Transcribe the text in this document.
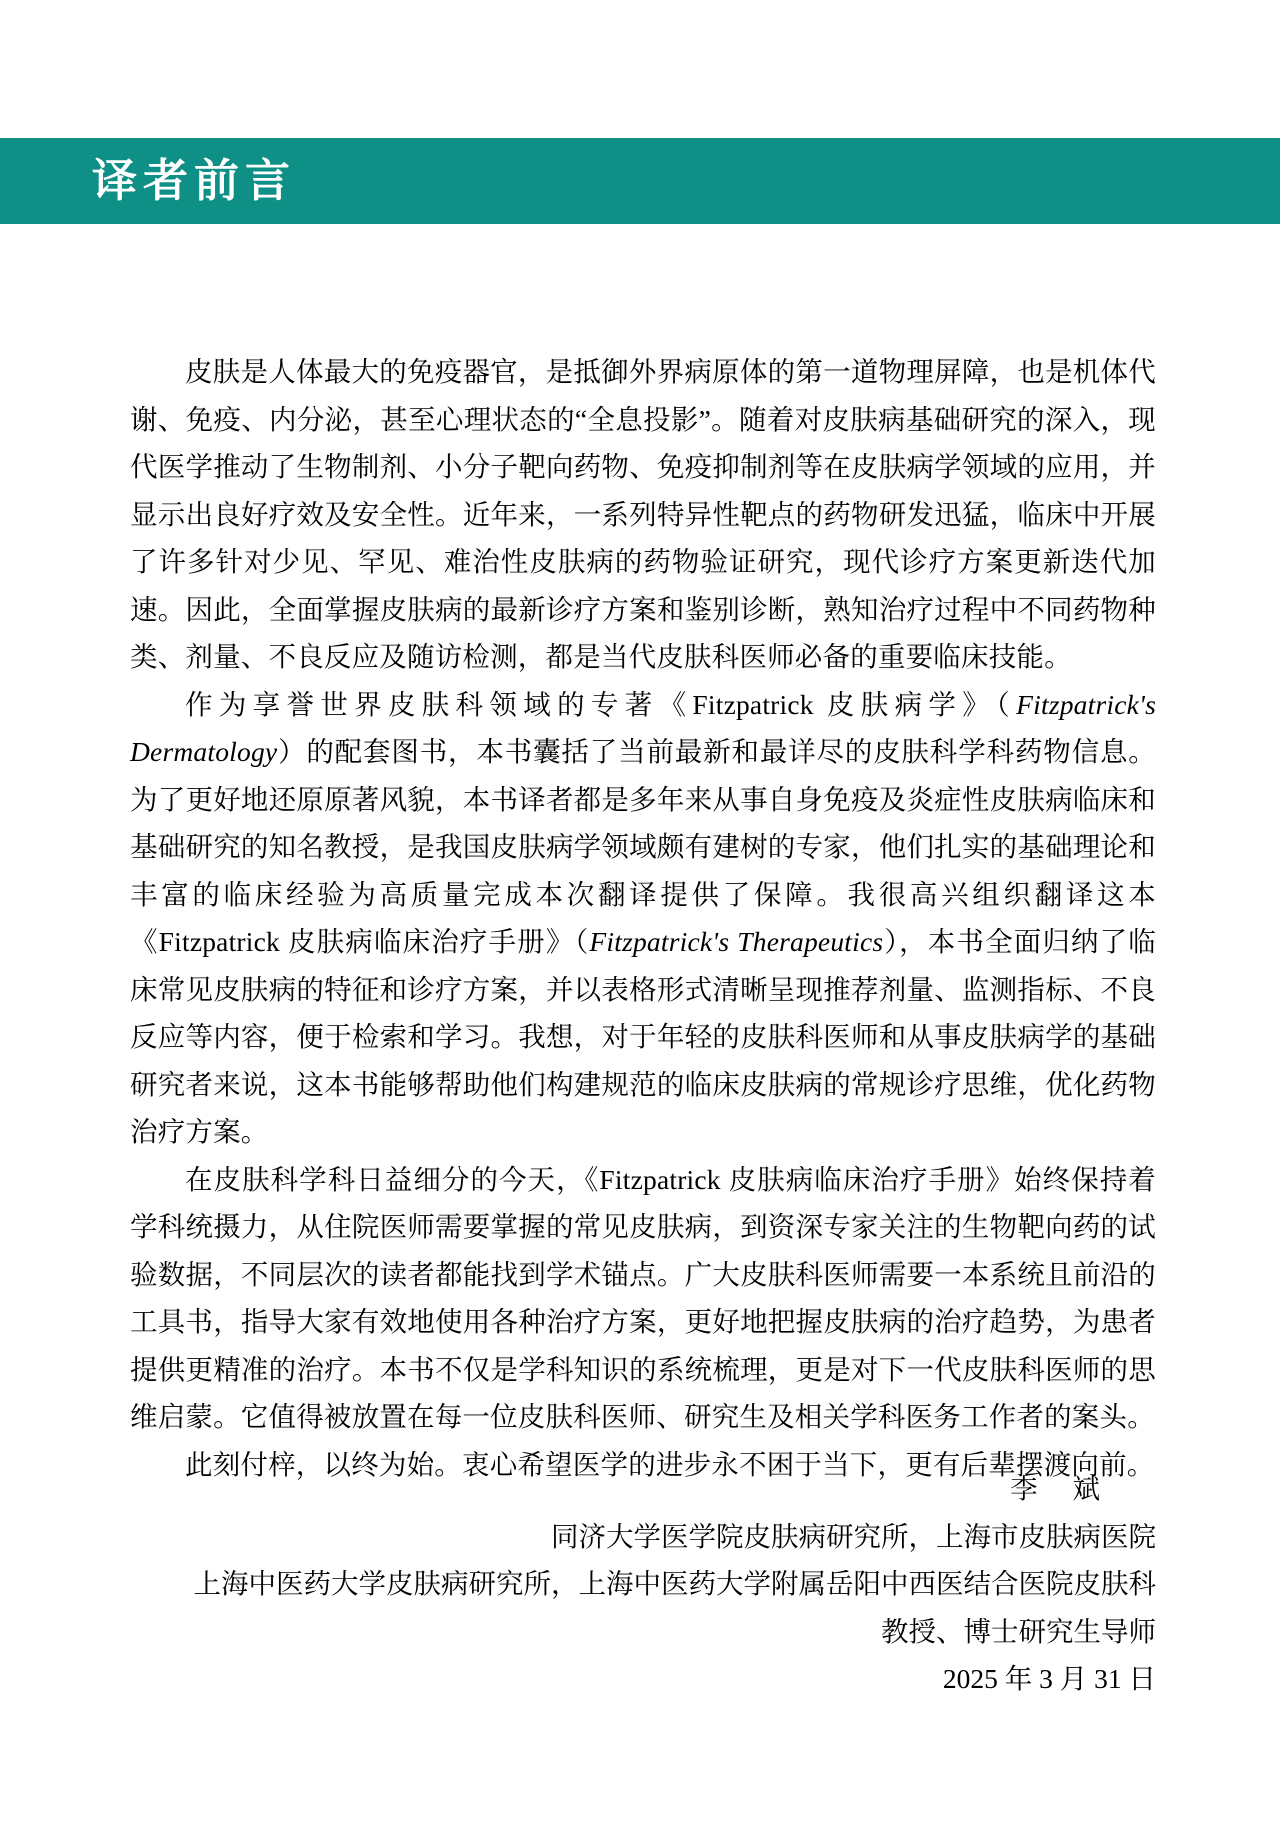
译者前言

皮肤是人体最大的免疫器官，是抵御外界病原体的第一道物理屏障，也是机体代谢、免疫、内分泌，甚至心理状态的“全息投影”。随着对皮肤病基础研究的深入，现代医学推动了生物制剂、小分子靶向药物、免疫抑制剂等在皮肤病学领域的应用，并显示出良好疗效及安全性。近年来，一系列特异性靶点的药物研发迅猛，临床中开展了许多针对少见、罕见、难治性皮肤病的药物验证研究，现代诊疗方案更新迭代加速。因此，全面掌握皮肤病的最新诊疗方案和鉴别诊断，熟知治疗过程中不同药物种类、剂量、不良反应及随访检测，都是当代皮肤科医师必备的重要临床技能。

作为享誉世界皮肤科领域的专著《Fitzpatrick 皮肤病学》（Fitzpatrick's Dermatology）的配套图书，本书囊括了当前最新和最详尽的皮肤科学科药物信息。为了更好地还原原著风貌，本书译者都是多年来从事自身免疫及炎症性皮肤病临床和基础研究的知名教授，是我国皮肤病学领域颇有建树的专家，他们扎实的基础理论和丰富的临床经验为高质量完成本次翻译提供了保障。我很高兴组织翻译这本《Fitzpatrick 皮肤病临床治疗手册》（Fitzpatrick's Therapeutics），本书全面归纳了临床常见皮肤病的特征和诊疗方案，并以表格形式清晰呈现推荐剂量、监测指标、不良反应等内容，便于检索和学习。我想，对于年轻的皮肤科医师和从事皮肤病学的基础研究者来说，这本书能够帮助他们构建规范的临床皮肤病的常规诊疗思维，优化药物治疗方案。

在皮肤科学科日益细分的今天，《Fitzpatrick 皮肤病临床治疗手册》始终保持着学科统摄力，从住院医师需要掌握的常见皮肤病，到资深专家关注的生物靶向药的试验数据，不同层次的读者都能找到学术锚点。广大皮肤科医师需要一本系统且前沿的工具书，指导大家有效地使用各种治疗方案，更好地把握皮肤病的治疗趋势，为患者提供更精准的治疗。本书不仅是学科知识的系统梳理，更是对下一代皮肤科医师的思维启蒙。它值得被放置在每一位皮肤科医师、研究生及相关学科医务工作者的案头。

此刻付梓，以终为始。衷心希望医学的进步永不困于当下，更有后辈摆渡向前。

李 斌
同济大学医学院皮肤病研究所，上海市皮肤病医院
上海中医药大学皮肤病研究所，上海中医药大学附属岳阳中西医结合医院皮肤科
教授、博士研究生导师
2025 年 3 月 31 日
